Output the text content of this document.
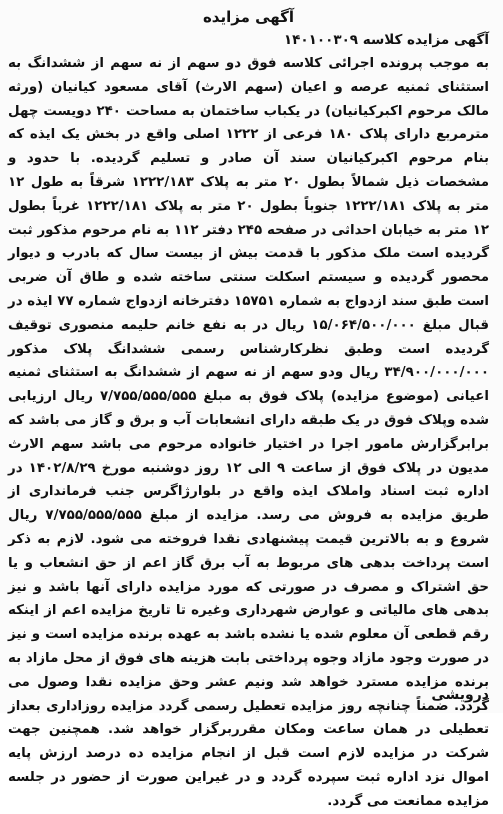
آگهی مزایده

آگهی مزایده کلاسه ۱۴۰۱۰۰۳۰۹

به موجب پرونده اجرائی کلاسه فوق دو سهم از نه سهم از ششدانگ به استثنای ثمنیه عرصه و اعیان (سهم الارث) آقای مسعود کیانیان (ورثه مالک مرحوم اکبرکیانیان) در یکباب ساختمان به مساحت ۲۴۰ دویست چهل مترمربع دارای پلاک ۱۸۰ فرعی از ۱۲۲۲ اصلی واقع در بخش یک ایذه که بنام مرحوم اکبرکیانیان سند آن صادر و تسلیم گردیده. با حدود و مشخصات ذیل شمالاً بطول ۲۰ متر به پلاک ۱۲۲۲/۱۸۳ شرقاً به طول ۱۲ متر به پلاک ۱۲۲۲/۱۸۱ جنوباً بطول ۲۰ متر به پلاک ۱۲۲۲/۱۸۱ غرباً بطول ۱۲ متر به خیابان احداثی در صفحه ۲۴۵ دفتر ۱۱۲ به نام مرحوم مذکور ثبت گردیده است ملک مذکور با قدمت بیش از بیست سال که بادرب و دیوار محصور گردیده و سیستم اسکلت سنتی ساخته شده و طاق آن ضربی است طبق سند ازدواج به شماره ۱۵۷۵۱ دفترخانه ازدواج شماره ۷۷ ایذه در قبال مبلغ ۱۵/۰۶۴/۵۰۰/۰۰۰ ریال در به نفع خانم حلیمه منصوری توقیف گردیده است وطبق نظرکارشناس رسمی ششدانگ پلاک مذکور ۳۴/۹۰۰/۰۰۰/۰۰۰ ریال ودو سهم از نه سهم از ششدانگ به استثنای ثمنیه اعیانی (موضوع مزایده) پلاک فوق به مبلغ ۷/۷۵۵/۵۵۵/۵۵۵ ریال ارزیابی شده وپلاک فوق در یک طبقه دارای انشعابات آب و برق و گاز می باشد که برابرگزارش مامور اجرا در اختیار خانواده مرحوم می باشد سهم الارث مدیون در پلاک فوق از ساعت ۹ الی ۱۲ روز دوشنبه مورخ ۱۴۰۲/۸/۲۹ در اداره ثبت اسناد واملاک ایذه واقع در بلوارژاگرس جنب فرمانداری از طریق مزایده به فروش می رسد. مزایده از مبلغ ۷/۷۵۵/۵۵۵/۵۵۵ ریال شروع و به بالاترین قیمت پیشنهادی نقدا فروخته می شود. لازم به ذکر است پرداخت بدهی های مربوط به آب برق گاز اعم از حق انشعاب و یا حق اشتراک و مصرف در صورتی که مورد مزایده دارای آنها باشد و نیز بدهی های مالیاتی و عوارض شهرداری وغیره تا تاریخ مزایده اعم از اینکه رقم قطعی آن معلوم شده یا نشده باشد به عهده برنده مزایده است و نیز در صورت وجود مازاد وجوه پرداختی بابت هزینه های فوق از محل مازاد به برنده مزایده مسترد خواهد شد ونیم عشر وحق مزایده نقدا وصول می گردد. ضمناً چنانچه روز مزایده تعطیل رسمی گردد مزایده روزاداری بعداز تعطیلی در همان ساعت ومکان مقرربرگزار خواهد شد. همچنین جهت شرکت در مزایده لازم است قبل از انجام مزایده ده درصد ارزش پایه اموال نزد اداره ثبت سپرده گردد و در غیراین صورت از حضور در جلسه مزایده ممانعت می گردد.

درویشی
